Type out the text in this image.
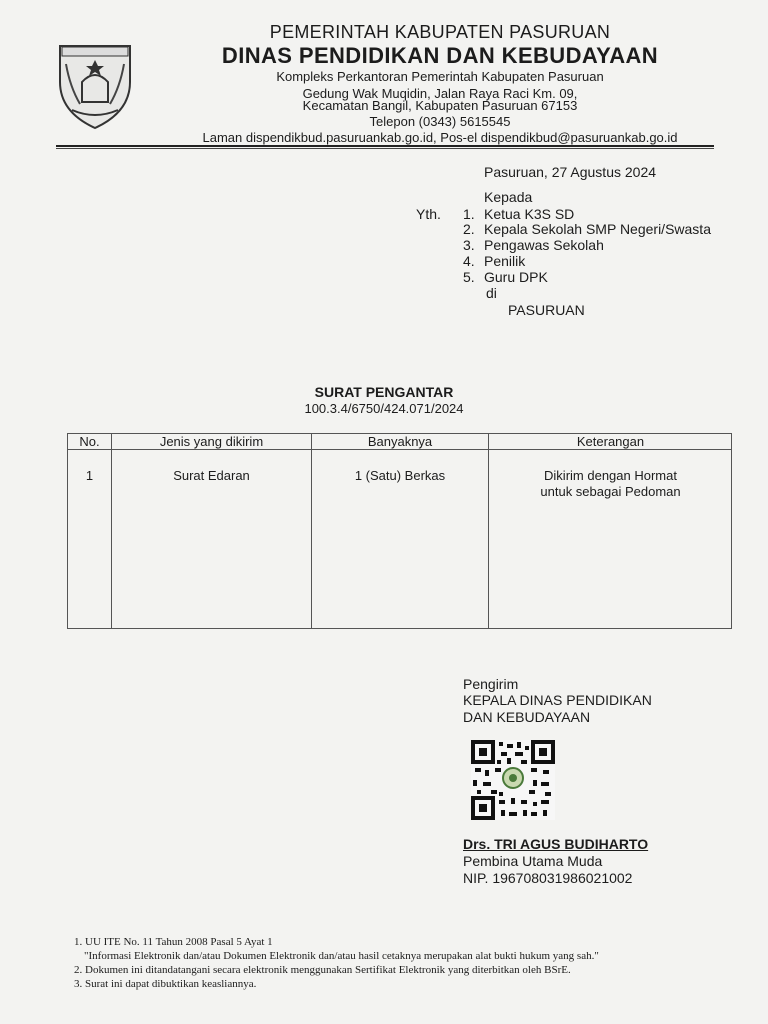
PEMERINTAH KABUPATEN PASURUAN
DINAS PENDIDIKAN DAN KEBUDAYAAN
Kompleks Perkantoran Pemerintah Kabupaten Pasuruan
Gedung Wak Muqidin, Jalan Raya Raci Km. 09,
Kecamatan Bangil, Kabupaten Pasuruan 67153
Telepon (0343) 5615545
Laman dispendikbud.pasuruankab.go.id, Pos-el dispendikbud@pasuruankab.go.id
Pasuruan, 27 Agustus 2024
Kepada
Yth. 1. Ketua K3S SD
2. Kepala Sekolah SMP Negeri/Swasta
3. Pengawas Sekolah
4. Penilik
5. Guru DPK
di
PASURUAN
SURAT PENGANTAR
100.3.4/6750/424.071/2024
No.	Jenis yang dikirim	Banyaknya	Keterangan
1	Surat Edaran	1 (Satu) Berkas	Dikirim dengan Hormat
untuk sebagai Pedoman
Pengirim
KEPALA DINAS PENDIDIKAN
DAN KEBUDAYAAN
Drs. TRI AGUS BUDIHARTO
Pembina Utama Muda
NIP. 196708031986021002
1. UU ITE No. 11 Tahun 2008 Pasal 5 Ayat 1
"Informasi Elektronik dan/atau Dokumen Elektronik dan/atau hasil cetaknya merupakan alat bukti hukum yang sah."
2. Dokumen ini ditandatangani secara elektronik menggunakan Sertifikat Elektronik yang diterbitkan oleh BSrE.
3. Surat ini dapat dibuktikan keasliannya.
